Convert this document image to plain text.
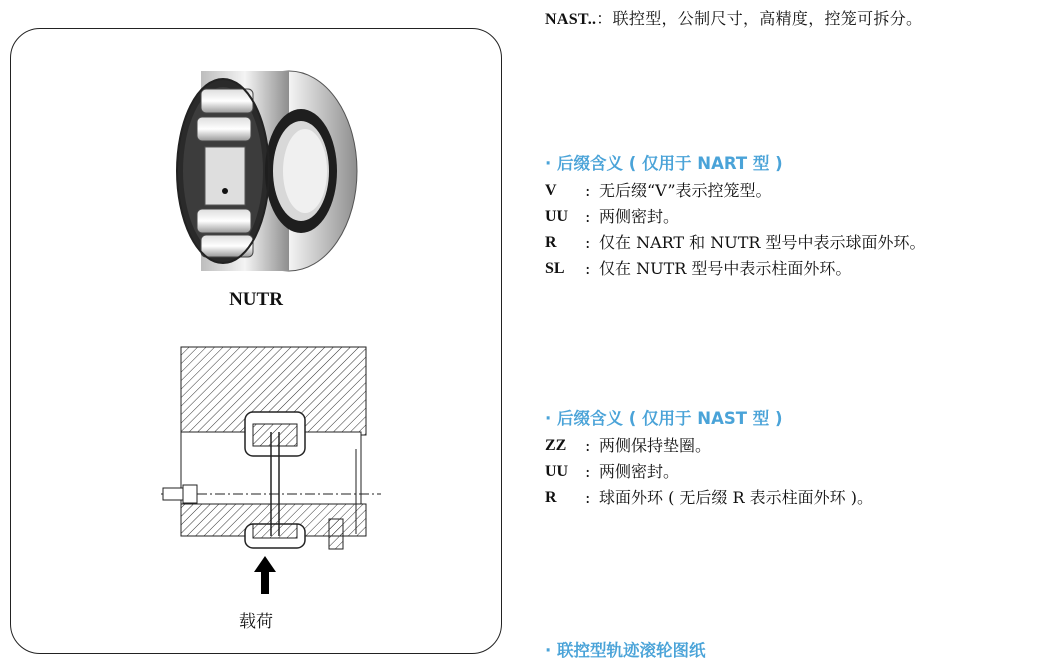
NUTR
载荷
NAST..：联控型，公制尺寸，高精度，控笼可拆分。
· 后缀含义 ( 仅用于 NART 型 )
V	: 无后缀“V”表示控笼型。
UU	: 两侧密封。
R	: 仅在 NART 和 NUTR 型号中表示球面外环。
SL	: 仅在 NUTR 型号中表示柱面外环。
· 后缀含义 ( 仅用于 NAST 型 )
ZZ	: 两侧保持垫圈。
UU	: 两侧密封。
R	: 球面外环 ( 无后缀 R 表示柱面外环 )。
· 联控型轨迹滚轮图纸
